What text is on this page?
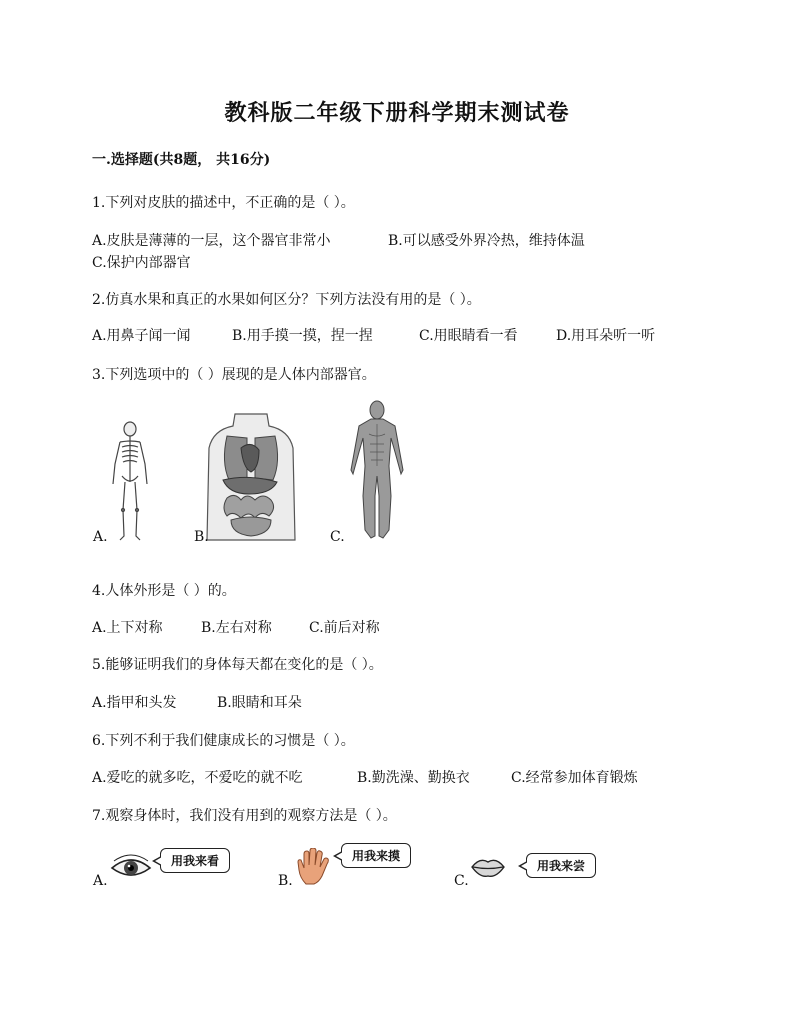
教科版二年级下册科学期末测试卷
一.选择题(共8题， 共16分)
1.下列对皮肤的描述中，不正确的是（ ）。
A.皮肤是薄薄的一层，这个器官非常小	B.可以感受外界冷热，维持体温
C.保护内部器官
2.仿真水果和真正的水果如何区分？下列方法没有用的是（ ）。
A.用鼻子闻一闻	B.用手摸一摸，捏一捏	C.用眼睛看一看	D.用耳朵听一听
3.下列选项中的（ ）展现的是人体内部器官。
A.	B.	C.
4.人体外形是（ ）的。
A.上下对称	B.左右对称	C.前后对称
5.能够证明我们的身体每天都在变化的是（ ）。
A.指甲和头发	B.眼睛和耳朵
6.下列不利于我们健康成长的习惯是（ ）。
A.爱吃的就多吃，不爱吃的就不吃	B.勤洗澡、勤换衣	C.经常参加体育锻炼
7.观察身体时，我们没有用到的观察方法是（ ）。
用我来看
A.
用我来摸
B.
用我来尝
C.
